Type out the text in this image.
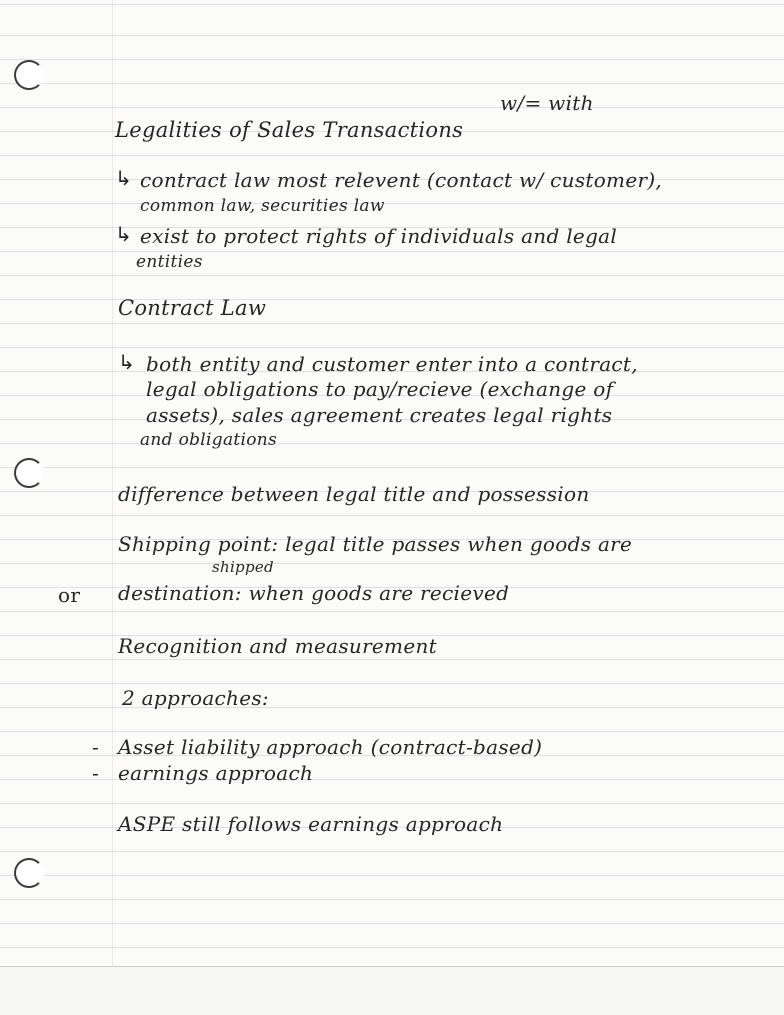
w/= with
Legalities of Sales Transactions
↳ contract law most relevent (contact w/ customer),
common law, securities law
↳ exist to protect rights of individuals and legal
entities
Contract Law
↳ both entity and customer enter into a contract,
legal obligations to pay/recieve (exchange of
assets), sales agreement creates legal rights
and obligations
difference between legal title and possession
Shipping point: legal title passes when goods are
shipped
or destination: when goods are recieved
Recognition and measurement
2 approaches:
- Asset liability approach (contract-based)
- earnings approach
ASPE still follows earnings approach
